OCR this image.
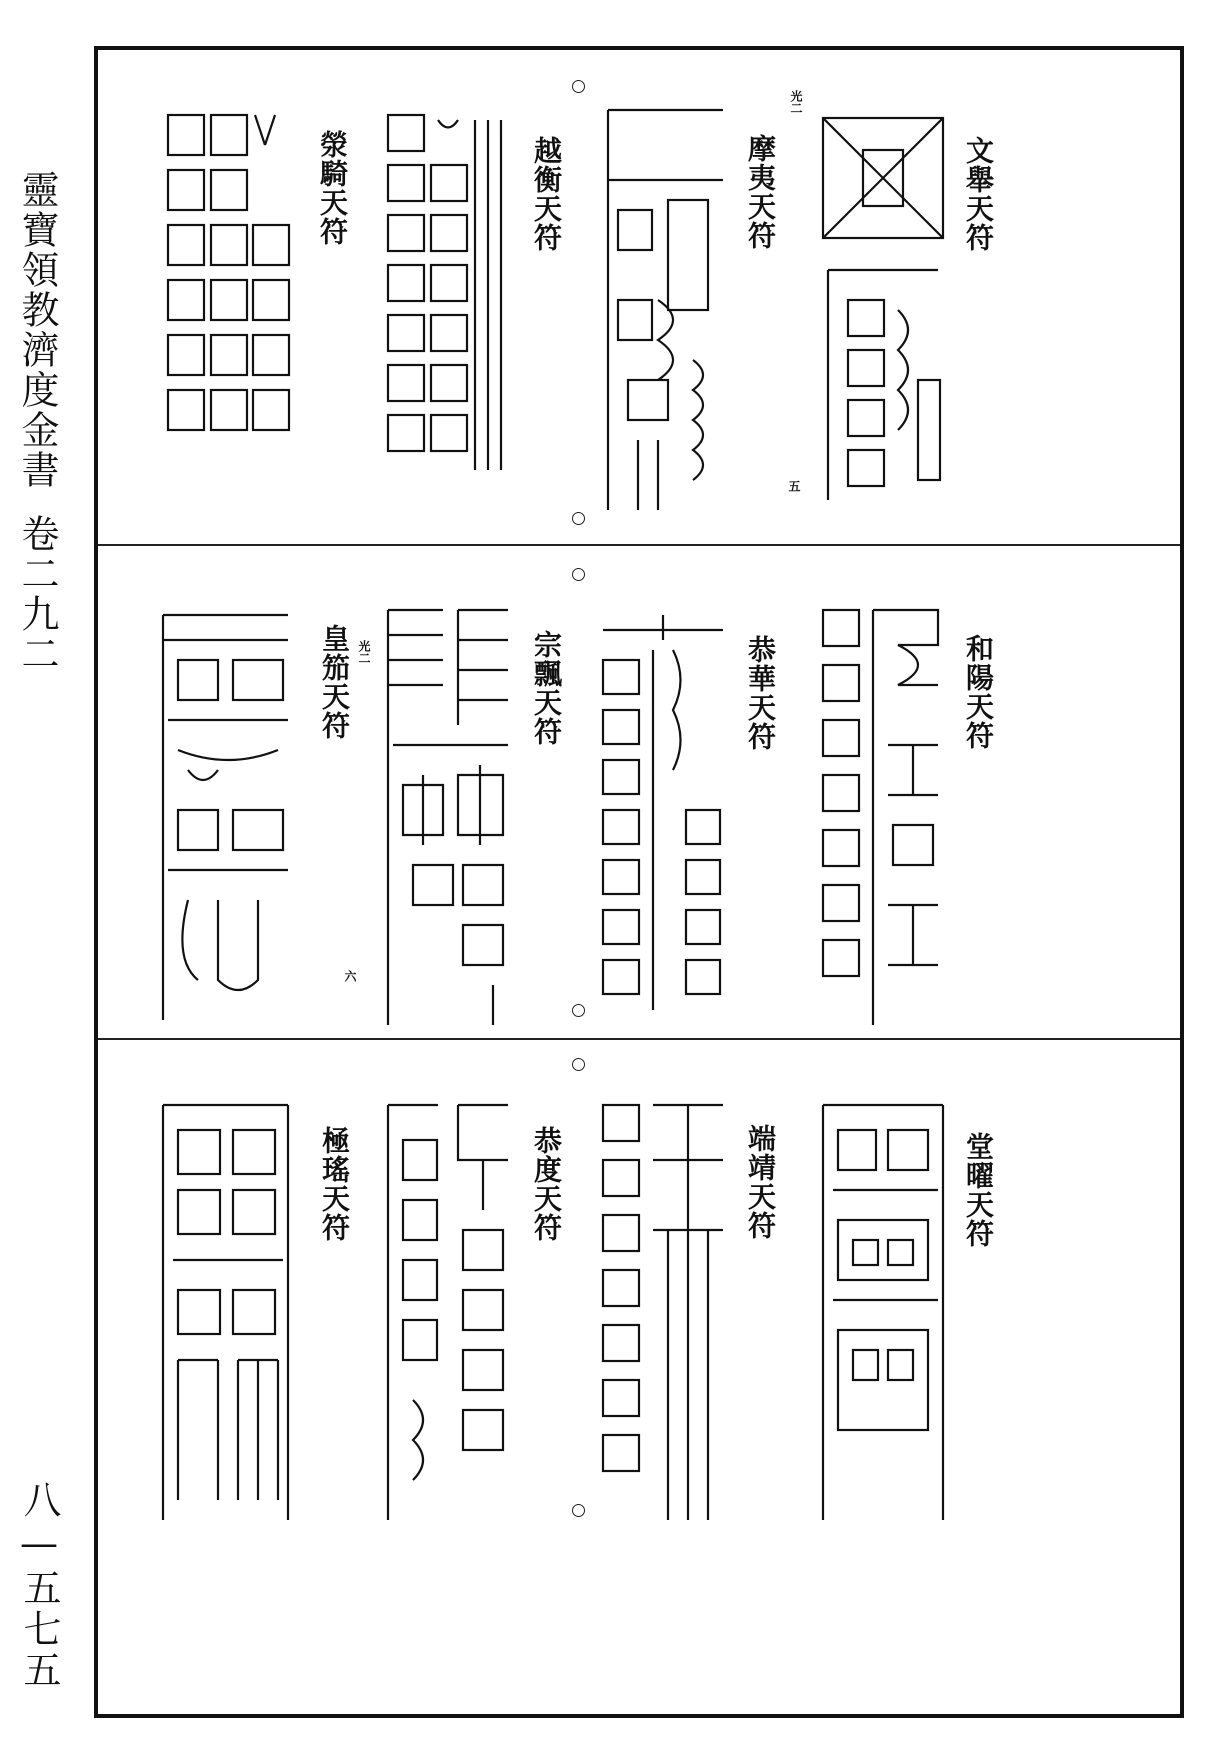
靈寶領教濟度金書卷二九二
八—五七五
文舉天符
光二
摩夷天符
五
越衡天符
滎騎天符
和陽天符
恭華天符
宗飄天符
皇笳天符 光二
六
堂曜天符
端靖天符
恭度天符
極瑤天符
